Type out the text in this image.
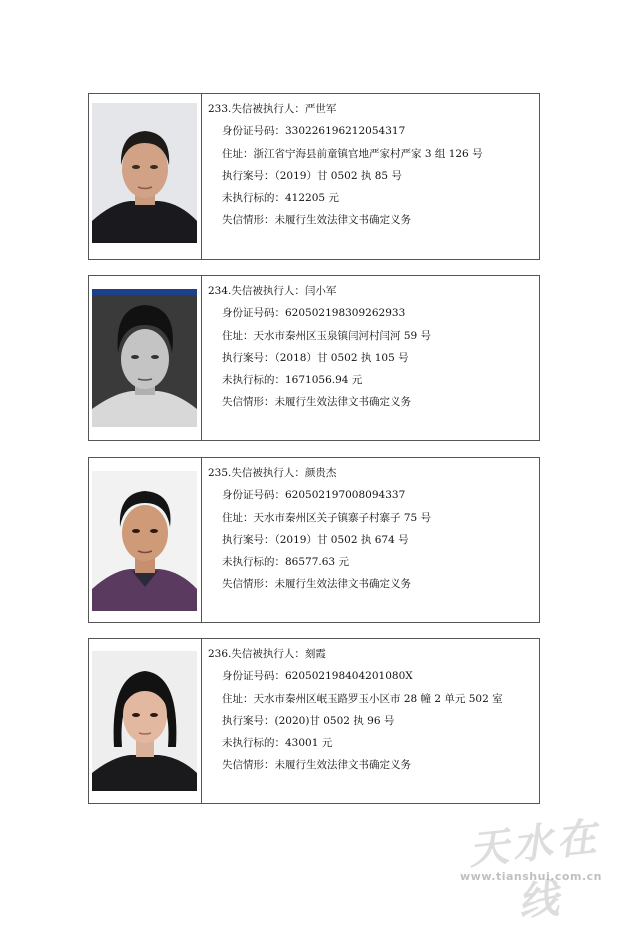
233.失信被执行人：严世军
身份证号码：330226196212054317
住址：浙江省宁海县前童镇官地严家村严家 3 组 126 号
执行案号：（2019）甘 0502 执 85 号
未执行标的：412205 元
失信情形：未履行生效法律文书确定义务
234.失信被执行人：闫小军
身份证号码：620502198309262933
住址：天水市秦州区玉泉镇闫河村闫河 59 号
执行案号：（2018）甘 0502 执 105 号
未执行标的：1671056.94 元
失信情形：未履行生效法律文书确定义务
235.失信被执行人：颜贵杰
身份证号码：620502197008094337
住址：天水市秦州区关子镇寨子村寨子 75 号
执行案号：（2019）甘 0502 执 674 号
未执行标的：86577.63 元
失信情形：未履行生效法律文书确定义务
236.失信被执行人：刻霞
身份证号码：620502198404201080X
住址：天水市秦州区岷玉路罗玉小区市 28 幢 2 单元 502 室
执行案号：(2020)甘 0502 执 96 号
未执行标的：43001 元
失信情形：未履行生效法律文书确定义务
天水在线
www.tianshui.com.cn
